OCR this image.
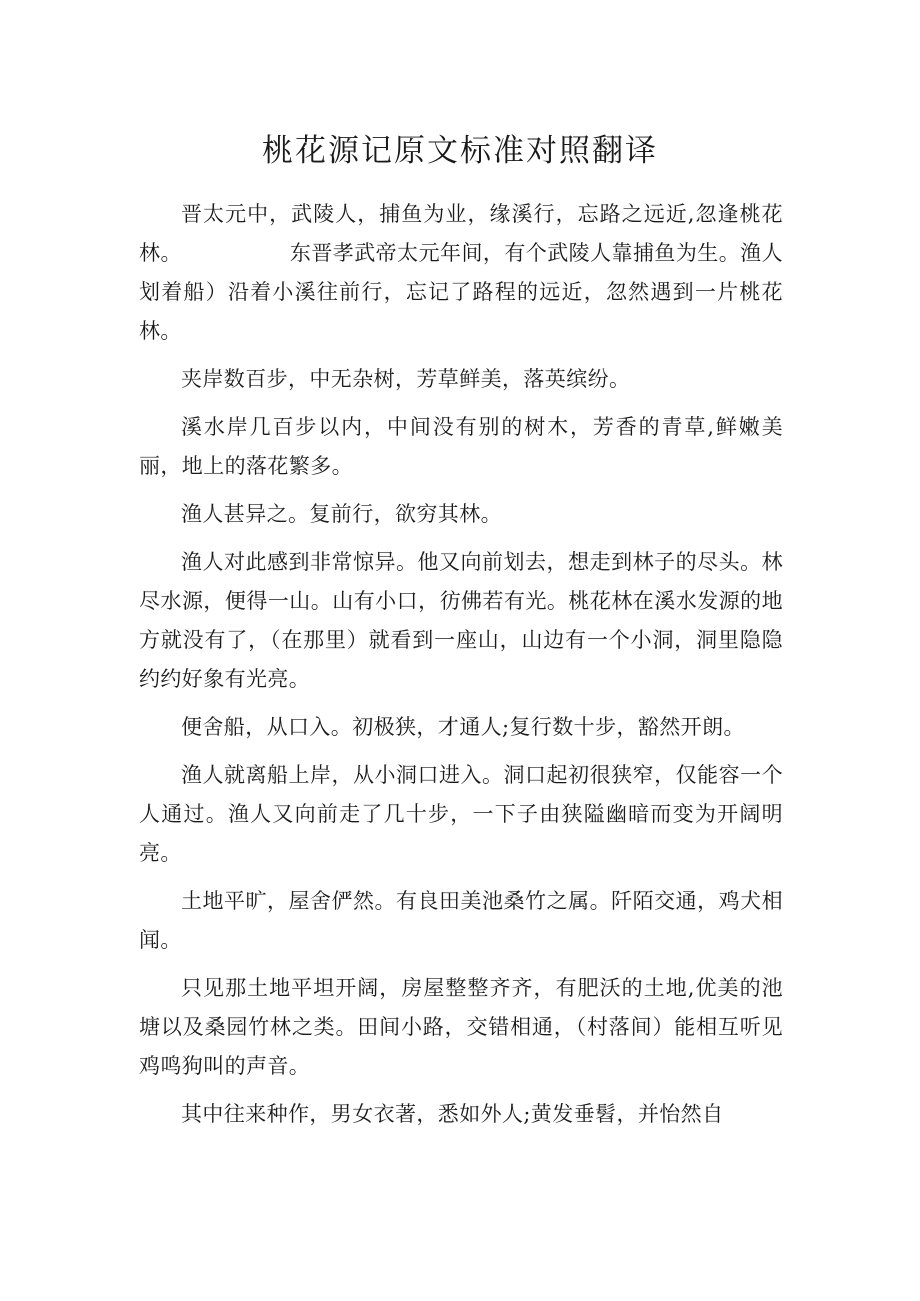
桃花源记原文标准对照翻译

晋太元中，武陵人，捕鱼为业，缘溪行，忘路之远近,忽逢桃花林。	东晋孝武帝太元年间，有个武陵人靠捕鱼为生。渔人划着船）沿着小溪往前行，忘记了路程的远近，忽然遇到一片桃花林。

夹岸数百步，中无杂树，芳草鲜美，落英缤纷。

溪水岸几百步以内，中间没有别的树木，芳香的青草,鲜嫩美丽，地上的落花繁多。

渔人甚异之。复前行，欲穷其林。

渔人对此感到非常惊异。他又向前划去，想走到林子的尽头。林尽水源，便得一山。山有小口，彷佛若有光。桃花林在溪水发源的地方就没有了，（在那里）就看到一座山，山边有一个小洞，洞里隐隐约约好象有光亮。

便舍船，从口入。初极狭，才通人;复行数十步，豁然开朗。

渔人就离船上岸，从小洞口进入。洞口起初很狭窄，仅能容一个人通过。渔人又向前走了几十步，一下子由狭隘幽暗而变为开阔明亮。

土地平旷，屋舍俨然。有良田美池桑竹之属。阡陌交通，鸡犬相闻。

只见那土地平坦开阔，房屋整整齐齐，有肥沃的土地,优美的池塘以及桑园竹林之类。田间小路，交错相通，（村落间）能相互听见鸡鸣狗叫的声音。

其中往来种作，男女衣著，悉如外人;黄发垂髫，并怡然自
